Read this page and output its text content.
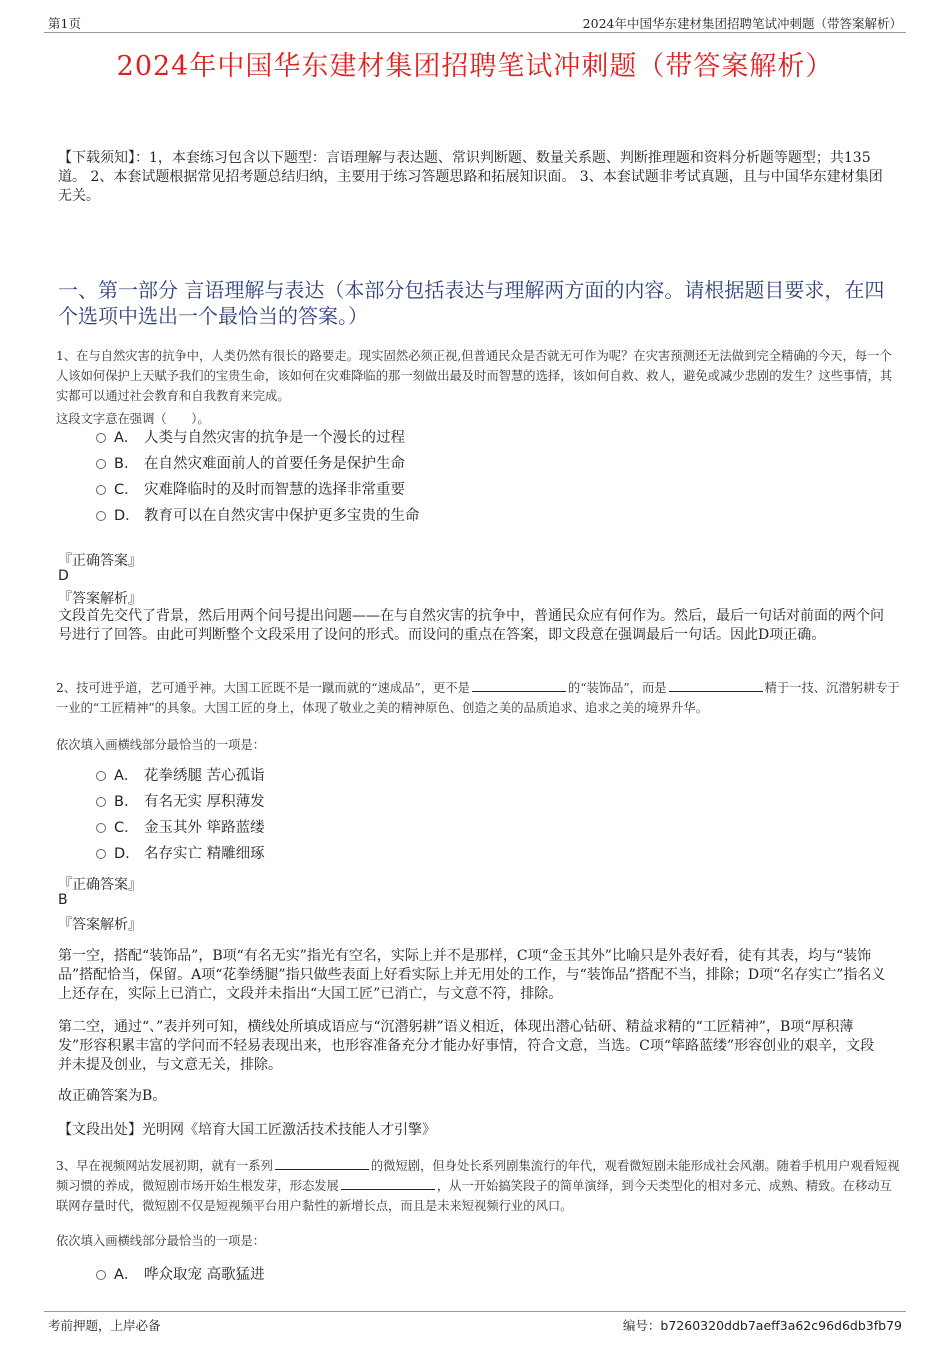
第1页	2024年中国华东建材集团招聘笔试冲刺题（带答案解析）
2024年中国华东建材集团招聘笔试冲刺题（带答案解析）
【下载须知】：1，本套练习包含以下题型：言语理解与表达题、常识判断题、数量关系题、判断推理题和资料分析题等题型；共135道。 2、本套试题根据常见招考题总结归纳，主要用于练习答题思路和拓展知识面。 3、本套试题非考试真题，且与中国华东建材集团无关。
一、第一部分 言语理解与表达（本部分包括表达与理解两方面的内容。请根据题目要求，在四个选项中选出一个最恰当的答案。）
1、在与自然灾害的抗争中，人类仍然有很长的路要走。现实固然必须正视,但普通民众是否就无可作为呢？在灾害预测还无法做到完全精确的今天，每一个人该如何保护上天赋予我们的宝贵生命，该如何在灾难降临的那一刻做出最及时而智慧的选择，该如何自救、救人，避免或减少悲剧的发生？这些事情，其实都可以通过社会教育和自我教育来完成。
这段文字意在强调（　　）。
A． 人类与自然灾害的抗争是一个漫长的过程
B． 在自然灾难面前人的首要任务是保护生命
C． 灾难降临时的及时而智慧的选择非常重要
D． 教育可以在自然灾害中保护更多宝贵的生命
『正确答案』
D
『答案解析』
文段首先交代了背景，然后用两个问号提出问题——在与自然灾害的抗争中，普通民众应有何作为。然后，最后一句话对前面的两个问号进行了回答。由此可判断整个文段采用了设问的形式。而设问的重点在答案，即文段意在强调最后一句话。因此D项正确。
2、技可进乎道，艺可通乎神。大国工匠既不是一蹴而就的“速成品”，更不是	的“装饰品”，而是	精于一技、沉潜躬耕专于一业的“工匠精神”的具象。大国工匠的身上，体现了敬业之美的精神原色、创造之美的品质追求、追求之美的境界升华。
依次填入画横线部分最恰当的一项是：
A． 花拳绣腿 苦心孤诣
B． 有名无实 厚积薄发
C． 金玉其外 筚路蓝缕
D． 名存实亡 精雕细琢
『正确答案』
B
『答案解析』
第一空，搭配“装饰品”，B项“有名无实”指光有空名，实际上并不是那样，C项“金玉其外”比喻只是外表好看，徒有其表，均与“装饰品”搭配恰当，保留。A项“花拳绣腿”指只做些表面上好看实际上并无用处的工作，与“装饰品”搭配不当，排除；D项“名存实亡”指名义上还存在，实际上已消亡，文段并未指出“大国工匠”已消亡，与文意不符，排除。
第二空，通过“、”表并列可知，横线处所填成语应与“沉潜躬耕”语义相近，体现出潜心钻研、精益求精的“工匠精神”，B项“厚积薄发”形容积累丰富的学问而不轻易表现出来，也形容准备充分才能办好事情，符合文意，当选。C项“筚路蓝缕”形容创业的艰辛，文段并未提及创业，与文意无关，排除。
故正确答案为B。
【文段出处】光明网《培育大国工匠激活技术技能人才引擎》
3、早在视频网站发展初期，就有一系列	的微短剧，但身处长系列剧集流行的年代，观看微短剧未能形成社会风潮。随着手机用户观看短视频习惯的养成，微短剧市场开始生根发芽，形态发展	，从一开始搞笑段子的简单演绎，到今天类型化的相对多元、成熟、精致。在移动互联网存量时代，微短剧不仅是短视频平台用户黏性的新增长点，而且是未来短视频行业的风口。
依次填入画横线部分最恰当的一项是：
A． 哗众取宠 高歌猛进
考前押题，上岸必备	编号：b7260320ddb7aeff3a62c96d6db3fb79
